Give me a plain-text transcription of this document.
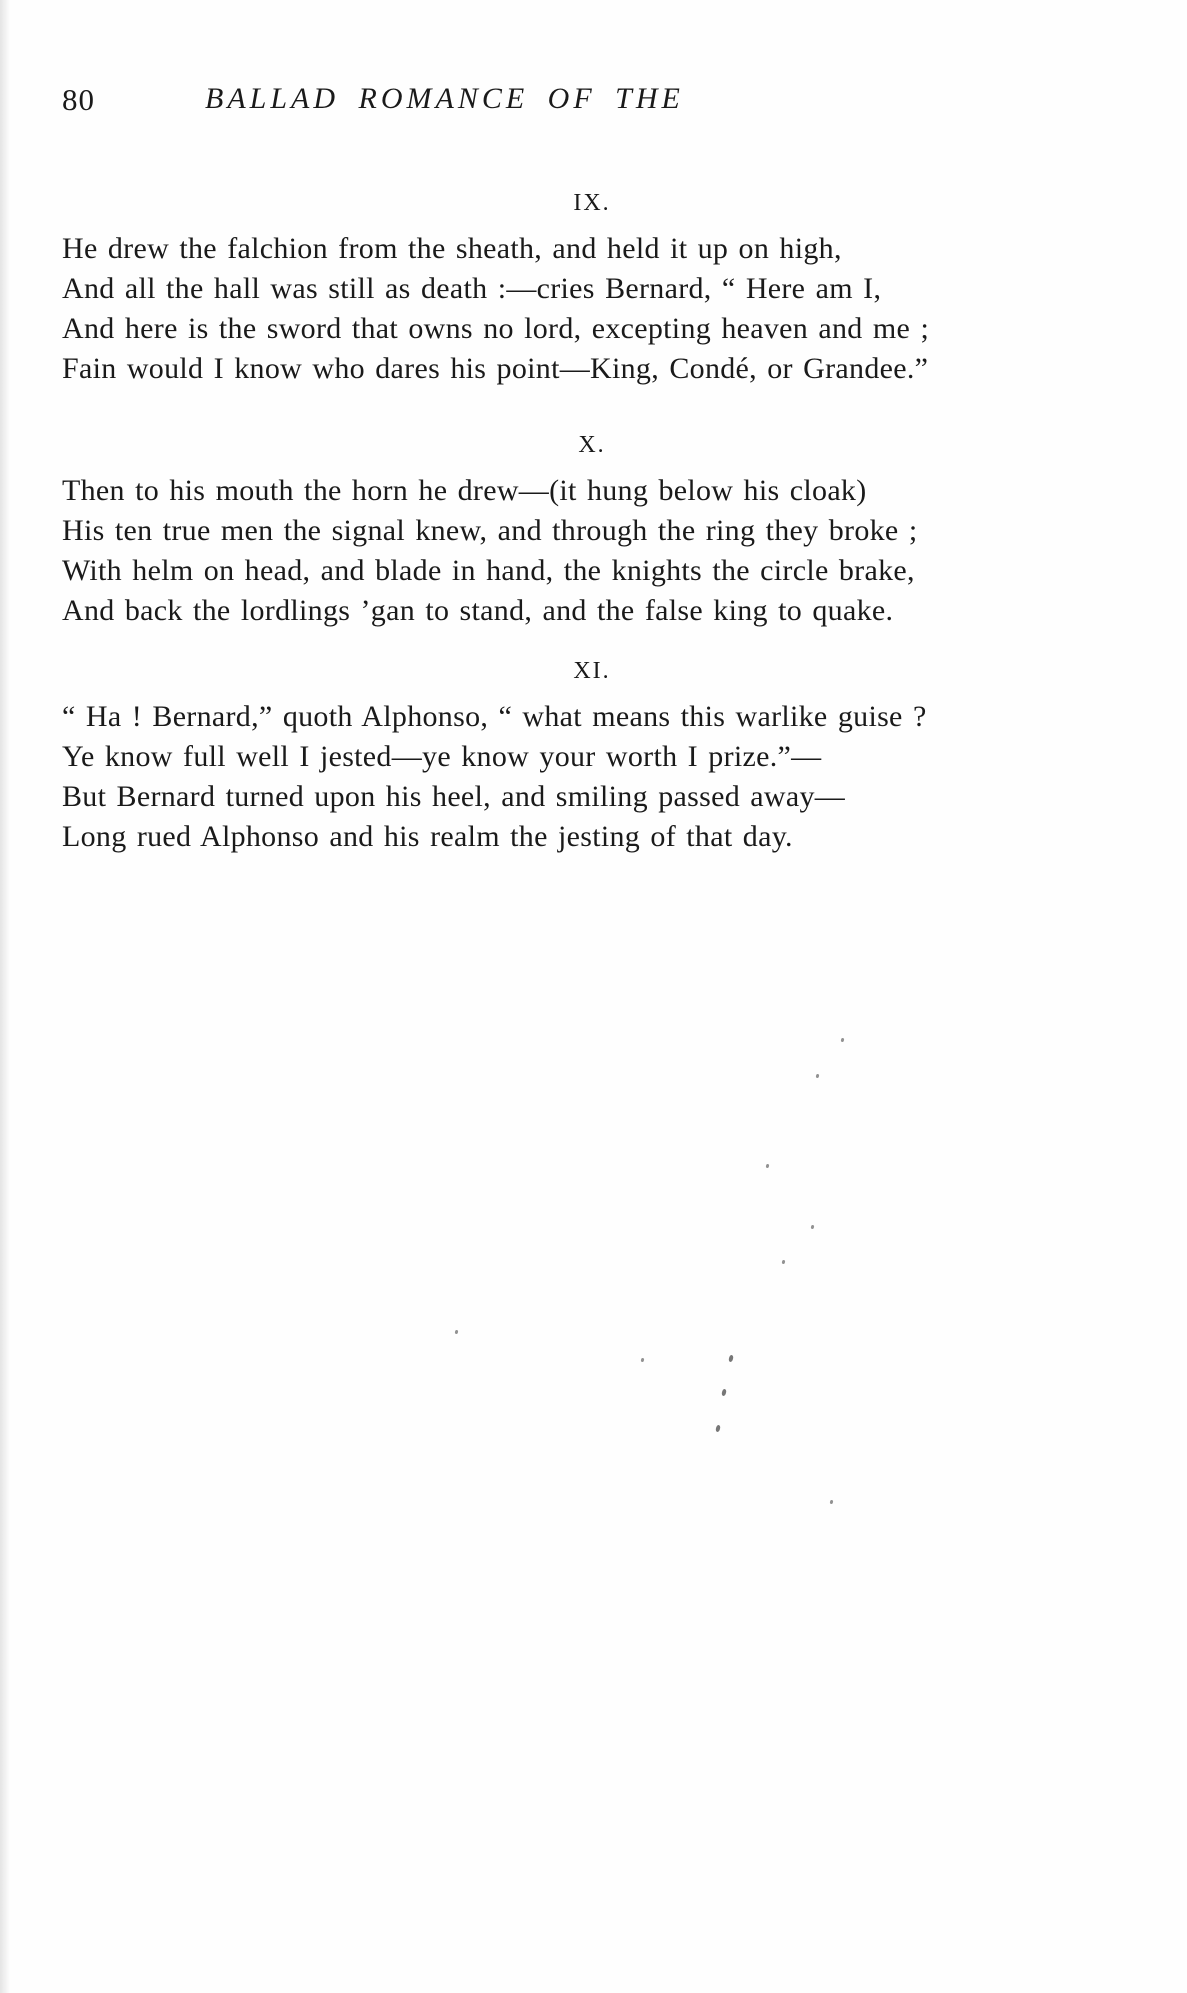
80	BALLAD ROMANCE OF THE
IX.
He drew the falchion from the sheath, and held it up on high,
And all the hall was still as death :—cries Bernard, “ Here am I,
And here is the sword that owns no lord, excepting heaven and me ;
Fain would I know who dares his point—King, Condé, or Grandee.”
X.
Then to his mouth the horn he drew—(it hung below his cloak)
His ten true men the signal knew, and through the ring they broke ;
With helm on head, and blade in hand, the knights the circle brake,
And back the lordlings ’gan to stand, and the false king to quake.
XI.
“ Ha ! Bernard,” quoth Alphonso, “ what means this warlike guise ?
Ye know full well I jested—ye know your worth I prize.”—
But Bernard turned upon his heel, and smiling passed away—
Long rued Alphonso and his realm the jesting of that day.
